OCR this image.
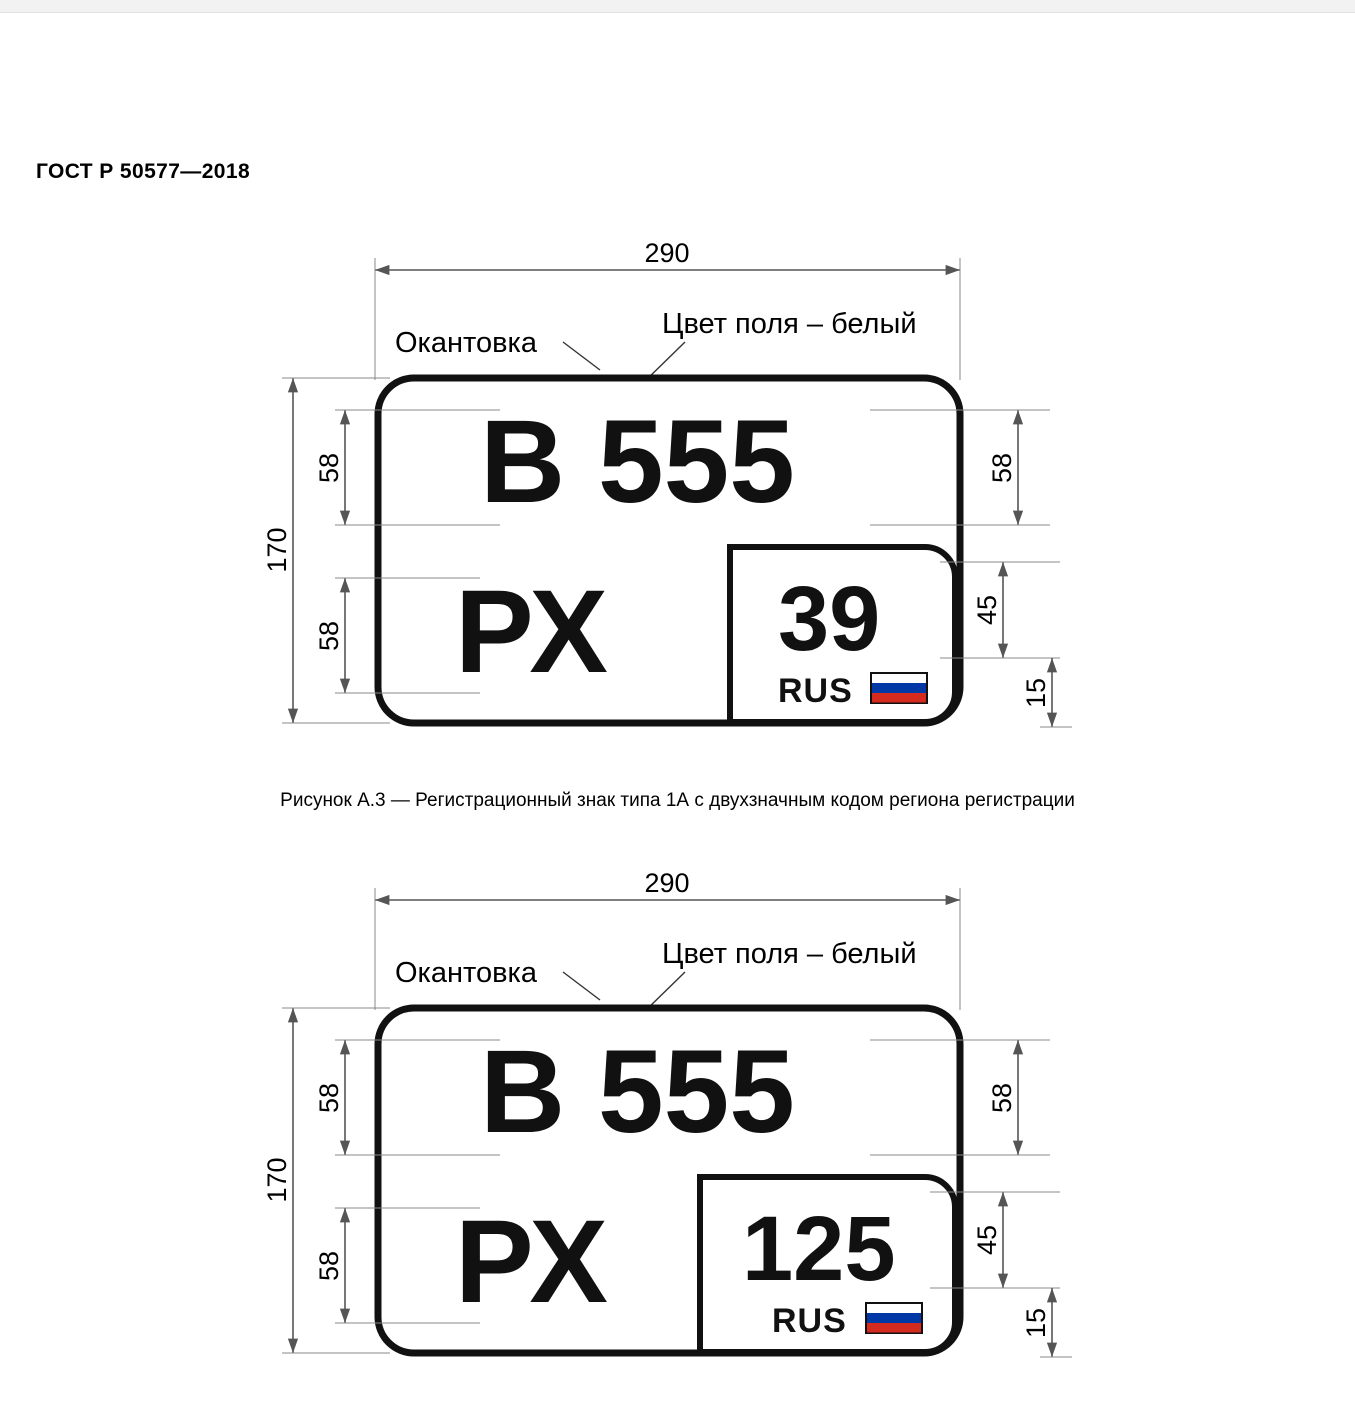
ГОСТ Р 50577—2018
290
Окантовка
Цвет поля – белый
В 555
РХ 39
RUS
170
58
58
58
45
15
Рисунок А.3 — Регистрационный знак типа 1А с двухзначным кодом региона регистрации
290
Окантовка
Цвет поля – белый
В 555
РХ 125
RUS
170
58
58
58
45
15
